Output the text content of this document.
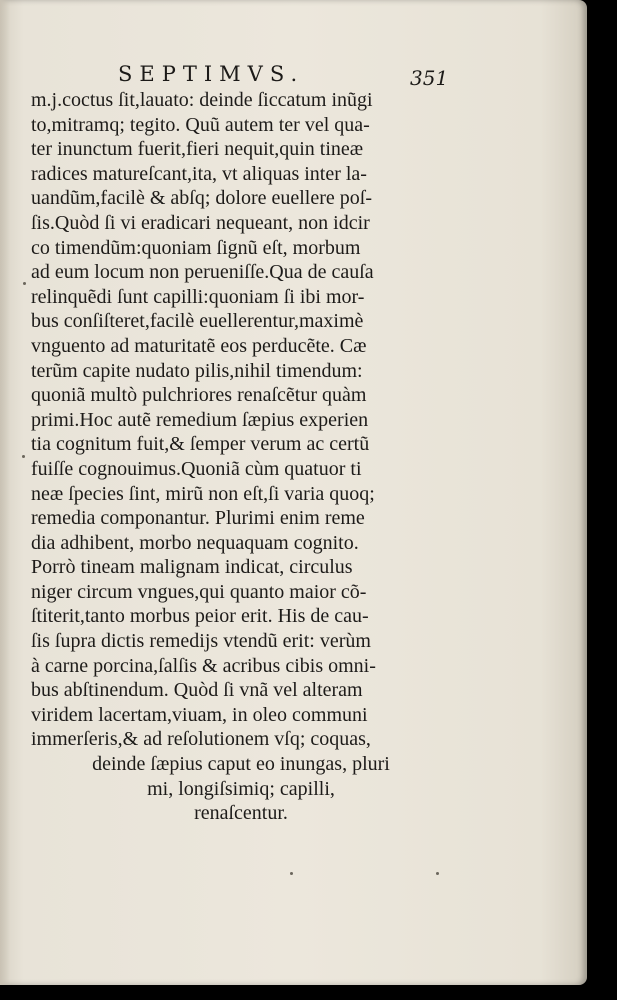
SEPTIMVS.	351
m.j.coctus ſit,lauato: deinde ſiccatum inũgi
to,mitramq; tegito. Quũ autem ter vel qua-
ter inunctum fuerit,fieri nequit,quin tineæ
radices matureſcant,ita, vt aliquas inter la-
uandũm,facilè & abſq; dolore euellere poſ-
ſis.Quòd ſi vi eradicari nequeant, non idcir
co timendũm:quoniam ſignũ eſt, morbum
ad eum locum non perueniſſe.Qua de cauſa
relinquẽdi ſunt capilli:quoniam ſi ibi mor-
bus conſiſteret,facilè euellerentur,maximè
vnguento ad maturitatẽ eos perducẽte. Cæ
terũm capite nudato pilis,nihil timendum:
quoniã multò pulchriores renaſcẽtur quàm
primi.Hoc autẽ remedium ſæpius experien
tia cognitum fuit,& ſemper verum ac certũ
fuiſſe cognouimus.Quoniã cùm quatuor ti
neæ ſpecies ſint, mirũ non eſt,ſi varia quoq;
remedia componantur. Plurimi enim reme
dia adhibent, morbo nequaquam cognito.
Porrò tineam malignam indicat, circulus
niger circum vngues,qui quanto maior cõ-
ſtiterit,tanto morbus peior erit. His de cau-
ſis ſupra dictis remedijs vtendũ erit: verùm
à carne porcina,ſalſis & acribus cibis omni-
bus abſtinendum. Quòd ſi vnã vel alteram
viridem lacertam,viuam, in oleo communi
immerſeris,& ad reſolutionem vſq; coquas,
deinde ſæpius caput eo inungas, pluri
mi, longiſsimiq; capilli,
renaſcentur.
